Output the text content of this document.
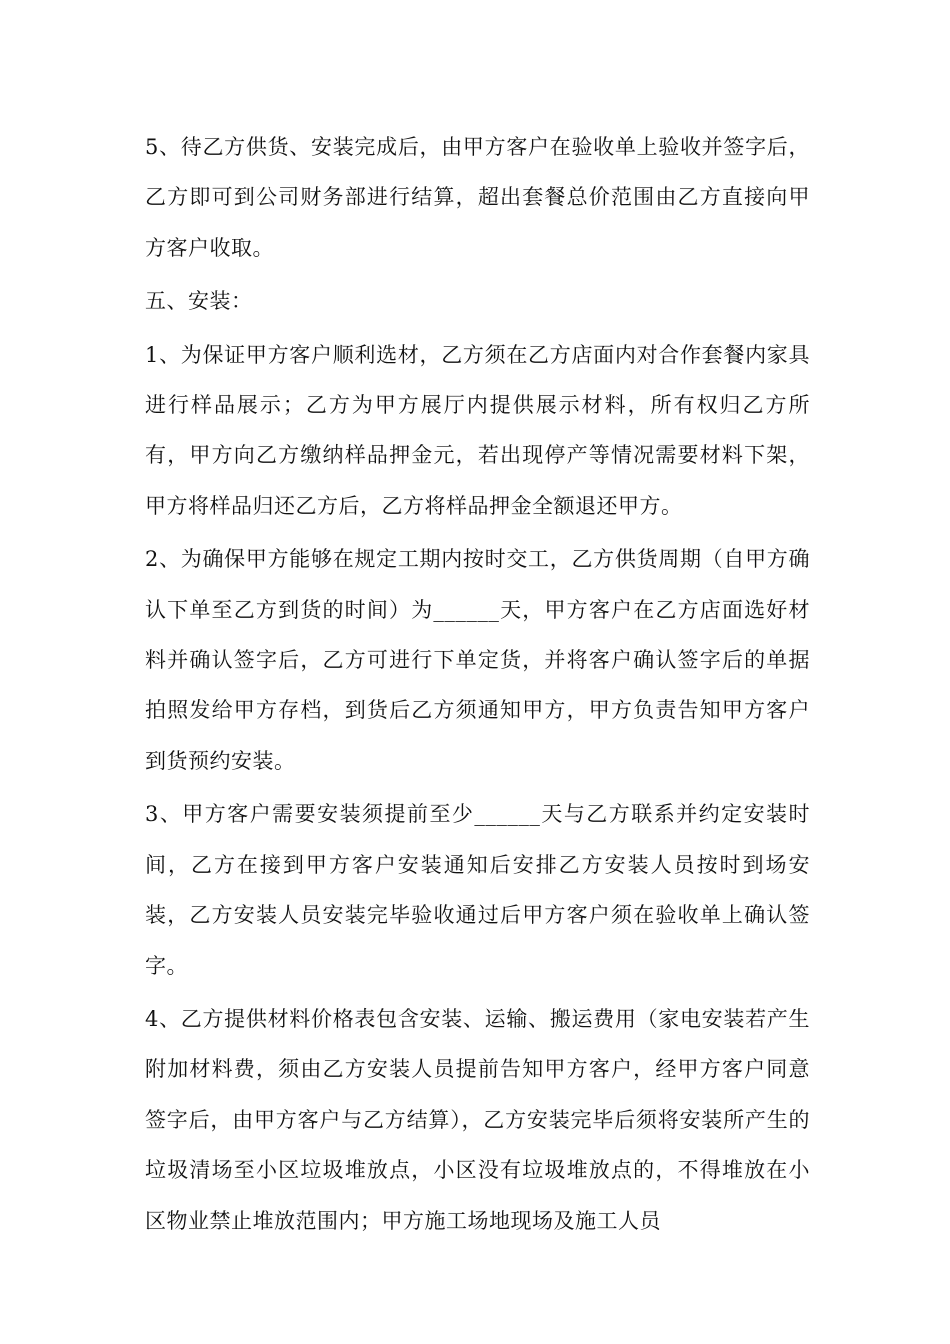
5、待乙方供货、安装完成后，由甲方客户在验收单上验收并签字后，乙方即可到公司财务部进行结算，超出套餐总价范围由乙方直接向甲方客户收取。

五、安装：

1、为保证甲方客户顺利选材，乙方须在乙方店面内对合作套餐内家具进行样品展示；乙方为甲方展厅内提供展示材料，所有权归乙方所有，甲方向乙方缴纳样品押金元，若出现停产等情况需要材料下架，甲方将样品归还乙方后，乙方将样品押金全额退还甲方。

2、为确保甲方能够在规定工期内按时交工，乙方供货周期（自甲方确认下单至乙方到货的时间）为______天，甲方客户在乙方店面选好材料并确认签字后，乙方可进行下单定货，并将客户确认签字后的单据拍照发给甲方存档，到货后乙方须通知甲方，甲方负责告知甲方客户到货预约安装。

3、甲方客户需要安装须提前至少______天与乙方联系并约定安装时间，乙方在接到甲方客户安装通知后安排乙方安装人员按时到场安装，乙方安装人员安装完毕验收通过后甲方客户须在验收单上确认签字。

4、乙方提供材料价格表包含安装、运输、搬运费用（家电安装若产生附加材料费，须由乙方安装人员提前告知甲方客户，经甲方客户同意签字后，由甲方客户与乙方结算），乙方安装完毕后须将安装所产生的垃圾清场至小区垃圾堆放点，小区没有垃圾堆放点的，不得堆放在小区物业禁止堆放范围内；甲方施工场地现场及施工人员
